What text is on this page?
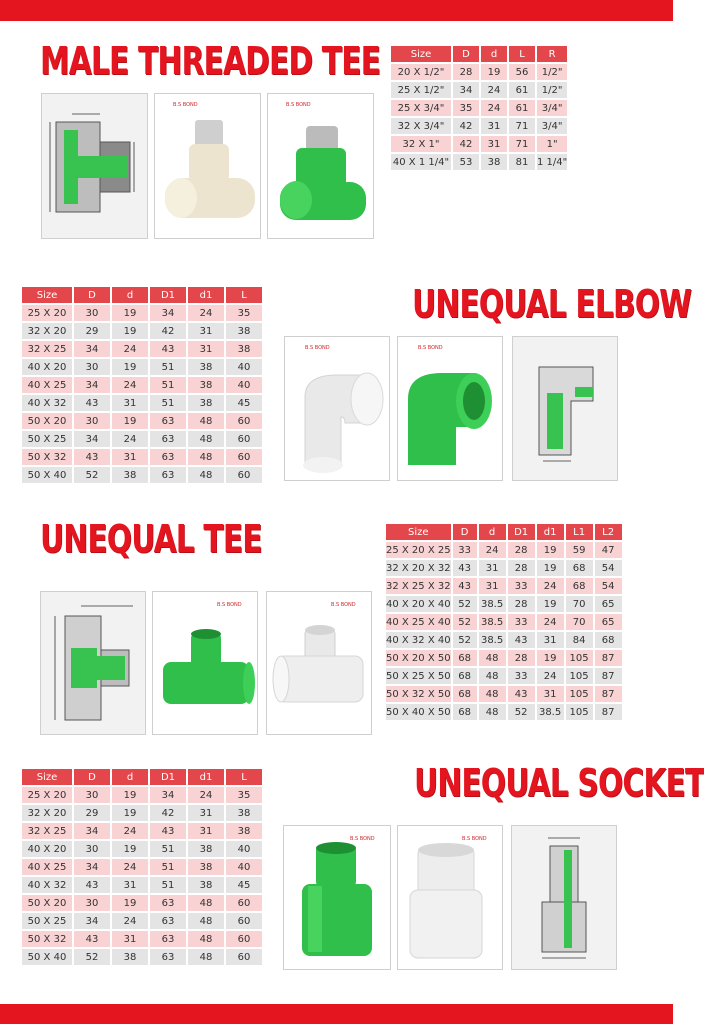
MALE THREADED TEE	Size	D	d	L	R
20 X 1/2"	28	19	56	1/2"
25 X 1/2"	34	24	61	1/2"
25 X 3/4"	35	24	61	3/4"
32 X 3/4"	42	31	71	3/4"
32 X 1"	42	31	71	1"
40 X 1 1/4"	53	38	81	1 1/4"
B.S BOND	B.S BOND
Size	D	d	D1	d1	L
25 X 20	30	19	34	24	35
32 X 20	29	19	42	31	38
32 X 25	34	24	43	31	38
40 X 20	30	19	51	38	40
40 X 25	34	24	51	38	40
40 X 32	43	31	51	38	45
50 X 20	30	19	63	48	60
50 X 25	34	24	63	48	60
50 X 32	43	31	63	48	60
50 X 40	52	38	63	48	60
UNEQUAL ELBOW
B.S BOND	B.S BOND
UNEQUAL TEE	Size	D	d	D1	d1	L1	L2
25 X 20 X 25	33	24	28	19	59	47
32 X 20 X 32	43	31	28	19	68	54
32 X 25 X 32	43	31	33	24	68	54
40 X 20 X 40	52	38.5	28	19	70	65
40 X 25 X 40	52	38.5	33	24	70	65
40 X 32 X 40	52	38.5	43	31	84	68
50 X 20 X 50	68	48	28	19	105	87
50 X 25 X 50	68	48	33	24	105	87
50 X 32 X 50	68	48	43	31	105	87
50 X 40 X 50	68	48	52	38.5	105	87
B.S BOND	B.S BOND
Size	D	d	D1	d1	L
25 X 20	30	19	34	24	35
32 X 20	29	19	42	31	38
32 X 25	34	24	43	31	38
40 X 20	30	19	51	38	40
40 X 25	34	24	51	38	40
40 X 32	43	31	51	38	45
50 X 20	30	19	63	48	60
50 X 25	34	24	63	48	60
50 X 32	43	31	63	48	60
50 X 40	52	38	63	48	60
UNEQUAL SOCKET
B.S BOND	B.S BOND
